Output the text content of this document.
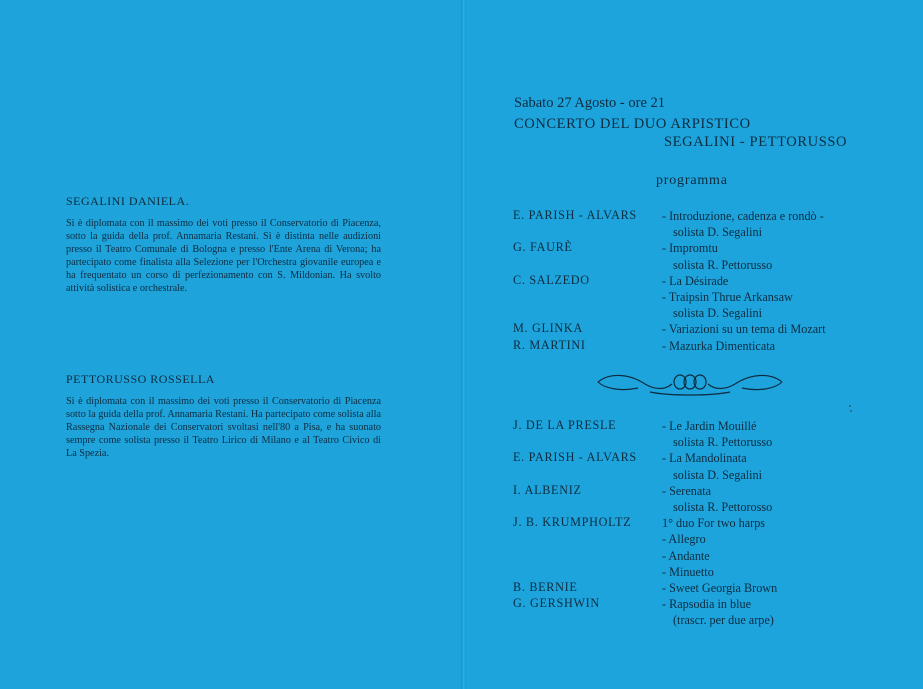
SEGALINI DANIELA.

Si è diplomata con il massimo dei voti presso il Conservatorio di Piacenza, sotto la guida della prof. Annamaria Restani. Si è distinta nelle audizioni presso il Teatro Comunale di Bologna e presso l'Ente Arena di Verona; ha partecipato come finalista alla Selezione per l'Orchestra giovanile europea e ha frequentato un corso di perfezionamento con S. Mildonian. Ha svolto attività solistica e orchestrale.

PETTORUSSO ROSSELLA

Si è diplomata con il massimo dei voti presso il Conservatorio di Piacenza sotto la guida della prof. Annamaria Restani. Ha partecipato come solista alla Rassegna Nazionale dei Conservatori svoltasi nell'80 a Pisa, e ha suonato sempre come solista presso il Teatro Lirico di Milano e al Teatro Civico di La Spezia.

Sabato 27 Agosto - ore 21

CONCERTO DEL DUO ARPISTICO

SEGALINI - PETTORUSSO

programma
E. PARISH - ALVARS - Introduzione, cadenza e rondò -
solista D. Segalini
G. FAURÈ	- Impromtu
solista R. Pettorusso
C. SALZEDO	- La Désirade
- Traipsin Thrue Arkansaw
solista D. Segalini
M. GLINKA	- Variazioni su un tema di Mozart
R. MARTINI	- Mazurka Dimenticata
J. DE LA PRESLE	- Le Jardin Mouillé
solista R. Pettorusso
E. PARISH - ALVARS - La Mandolinata
solista D. Segalini
I. ALBENIZ	- Serenata
solista R. Pettorosso
J. B. KRUMPHOLTZ	1° duo For two harps
- Allegro
- Andante
- Minuetto
B. BERNIE	- Sweet Georgia Brown
G. GERSHWIN	- Rapsodia in blue
(trascr. per due arpe)
